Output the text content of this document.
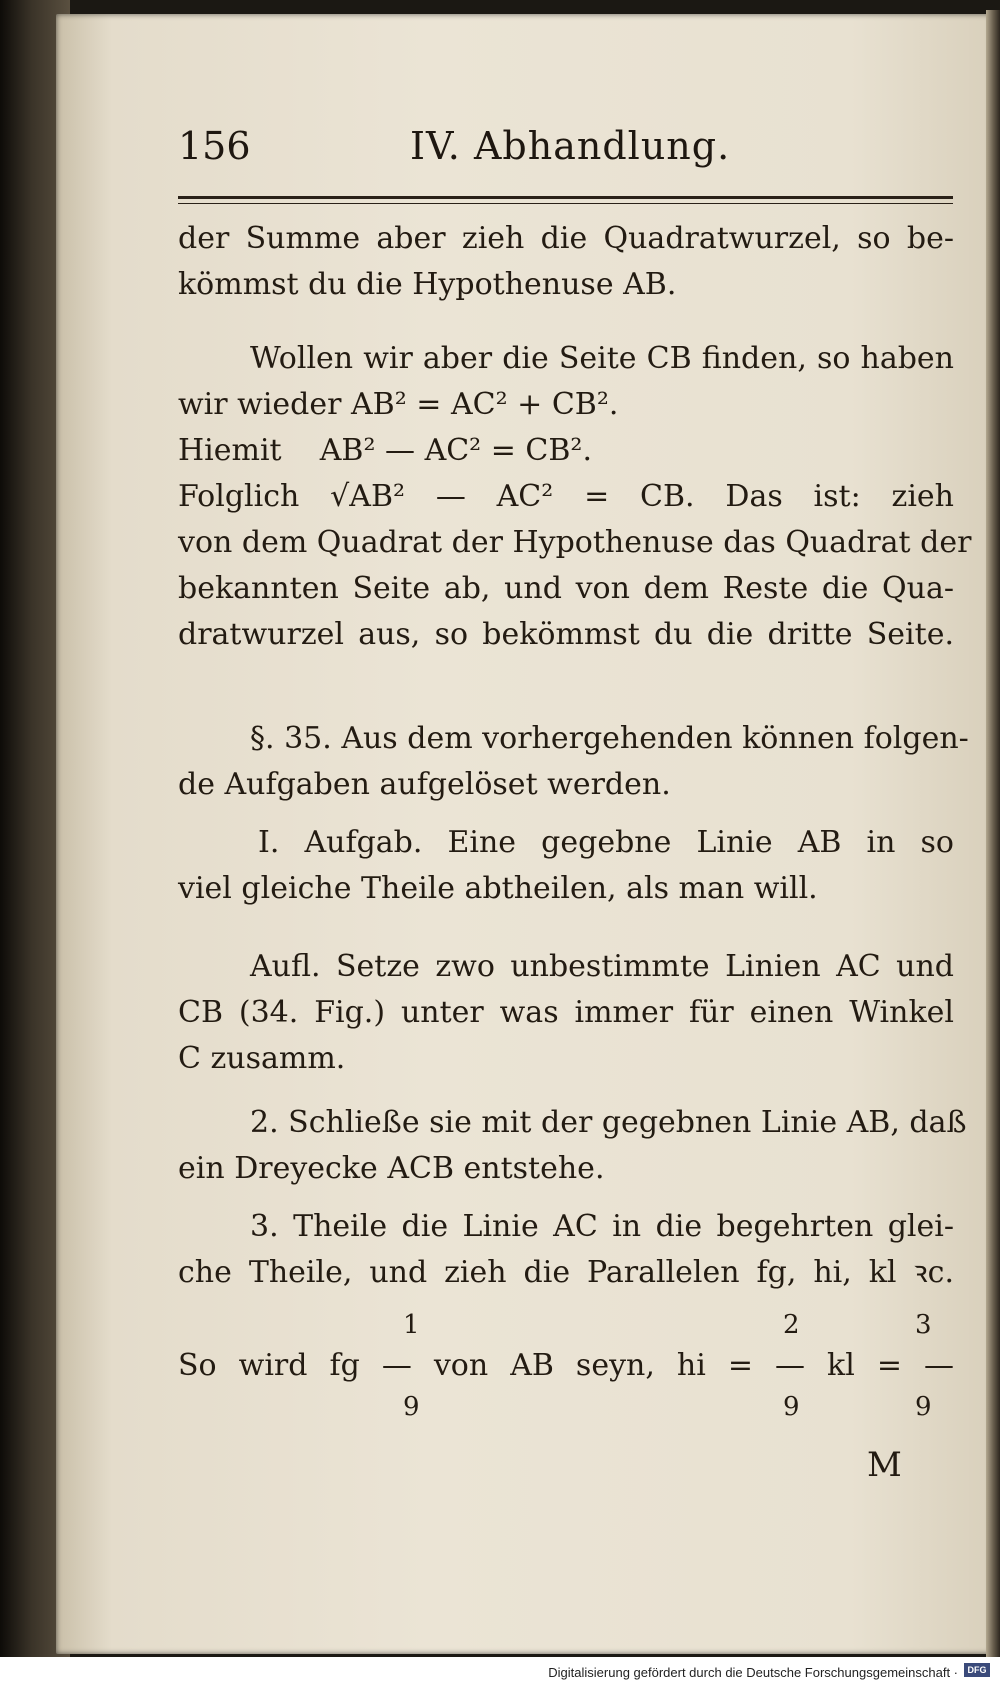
156	IV. Abhandlung.
der Summe aber zieh die Quadratwurzel, so be-
kömmst du die Hypothenuse AB.
Wollen wir aber die Seite CB finden, so haben
wir wieder AB² = AC² + CB².
Hiemit    AB² — AC² = CB².
Folglich √AB² — AC² = CB. Das ist: zieh
von dem Quadrat der Hypothenuse das Quadrat der
bekannten Seite ab, und von dem Reste die Qua-
dratwurzel aus, so bekömmst du die dritte Seite.
§. 35. Aus dem vorhergehenden können folgen-
de Aufgaben aufgelöset werden.
I. Aufgab. Eine gegebne Linie AB in so
viel gleiche Theile abtheilen, als man will.
Aufl. Setze zwo unbestimmte Linien AC und
CB (34. Fig.) unter was immer für einen Winkel
C zusamm.
2. Schließe sie mit der gegebnen Linie AB, daß
ein Dreyecke ACB entstehe.
3. Theile die Linie AC in die begehrten glei-
che Theile, und zieh die Parallelen fg, hi, kl ꝛc.
1	2	3
So wird fg — von AB seyn, hi = — kl = —
9	9	9
M
Digitalisierung gefördert durch die Deutsche Forschungsgemeinschaft ·	DFG
